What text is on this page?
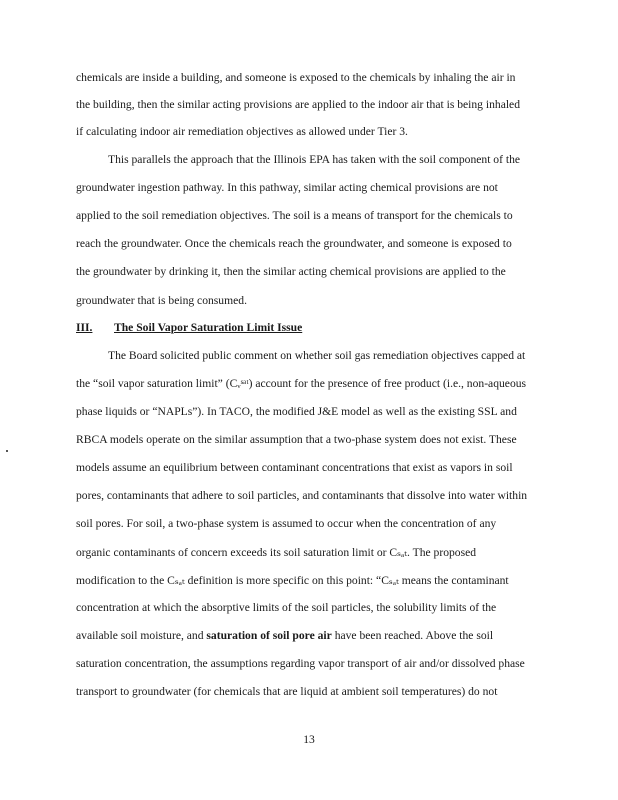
chemicals are inside a building, and someone is exposed to the chemicals by inhaling the air in
the building, then the similar acting provisions are applied to the indoor air that is being inhaled
if calculating indoor air remediation objectives as allowed under Tier 3.
This parallels the approach that the Illinois EPA has taken with the soil component of the
groundwater ingestion pathway. In this pathway, similar acting chemical provisions are not
applied to the soil remediation objectives. The soil is a means of transport for the chemicals to
reach the groundwater. Once the chemicals reach the groundwater, and someone is exposed to
the groundwater by drinking it, then the similar acting chemical provisions are applied to the
groundwater that is being consumed.
III. The Soil Vapor Saturation Limit Issue
The Board solicited public comment on whether soil gas remediation objectives capped at
the “soil vapor saturation limit” (Cᵥˢᵃᵗ) account for the presence of free product (i.e., non-aqueous
phase liquids or “NAPLs”). In TACO, the modified J&E model as well as the existing SSL and
RBCA models operate on the similar assumption that a two-phase system does not exist. These
models assume an equilibrium between contaminant concentrations that exist as vapors in soil
pores, contaminants that adhere to soil particles, and contaminants that dissolve into water within
soil pores. For soil, a two-phase system is assumed to occur when the concentration of any
organic contaminants of concern exceeds its soil saturation limit or Cₛₐₜ. The proposed
modification to the Cₛₐₜ definition is more specific on this point: “Cₛₐₜ means the contaminant
concentration at which the absorptive limits of the soil particles, the solubility limits of the
available soil moisture, and saturation of soil pore air have been reached. Above the soil
saturation concentration, the assumptions regarding vapor transport of air and/or dissolved phase
transport to groundwater (for chemicals that are liquid at ambient soil temperatures) do not
13
